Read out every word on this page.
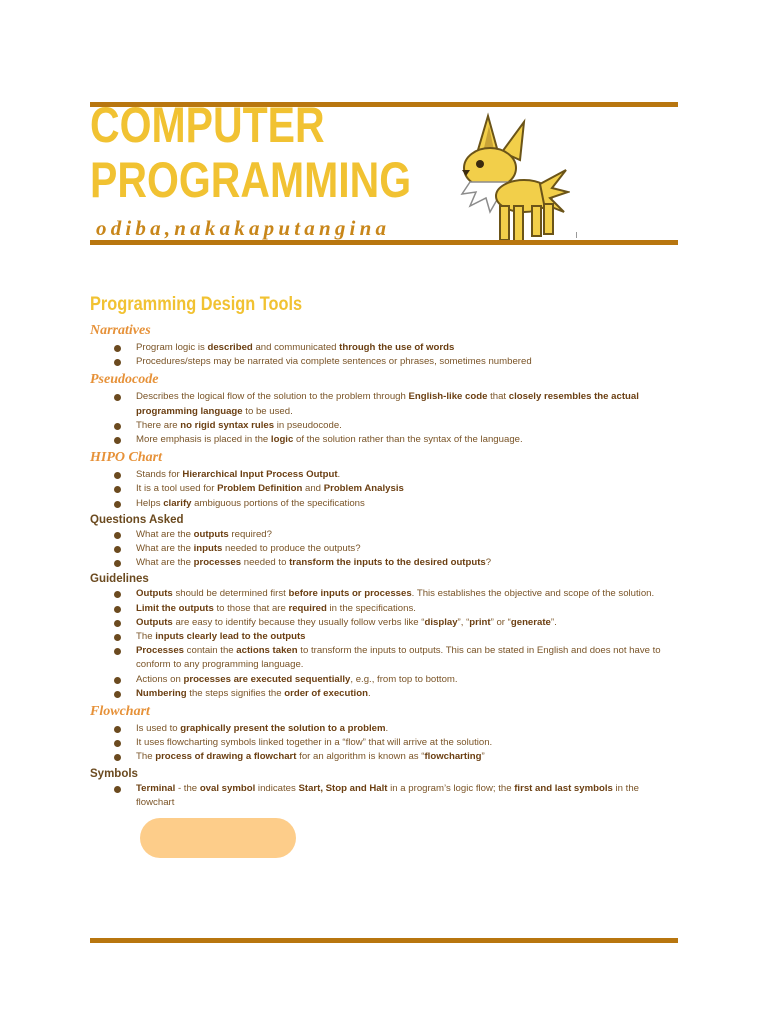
COMPUTER
PROGRAMMING
odiba,nakakaputangina
Programming Design Tools
Narratives
Program logic is described and communicated through the use of words
Procedures/steps may be narrated via complete sentences or phrases, sometimes numbered
Pseudocode
Describes the logical flow of the solution to the problem through English-like code that closely resembles the actual programming language to be used.
There are no rigid syntax rules in pseudocode.
More emphasis is placed in the logic of the solution rather than the syntax of the language.
HIPO Chart
Stands for Hierarchical Input Process Output.
It is a tool used for Problem Definition and Problem Analysis
Helps clarify ambiguous portions of the specifications
Questions Asked
What are the outputs required?
What are the inputs needed to produce the outputs?
What are the processes needed to transform the inputs to the desired outputs?
Guidelines
Outputs should be determined first before inputs or processes. This establishes the objective and scope of the solution.
Limit the outputs to those that are required in the specifications.
Outputs are easy to identify because they usually follow verbs like “display”, “print” or “generate”.
The inputs clearly lead to the outputs
Processes contain the actions taken to transform the inputs to outputs. This can be stated in English and does not have to conform to any programming language.
Actions on processes are executed sequentially, e.g., from top to bottom.
Numbering the steps signifies the order of execution.
Flowchart
Is used to graphically present the solution to a problem.
It uses flowcharting symbols linked together in a “flow” that will arrive at the solution.
The process of drawing a flowchart for an algorithm is known as “flowcharting”
Symbols
Terminal - the oval symbol indicates Start, Stop and Halt in a program’s logic flow; the first and last symbols in the flowchart
